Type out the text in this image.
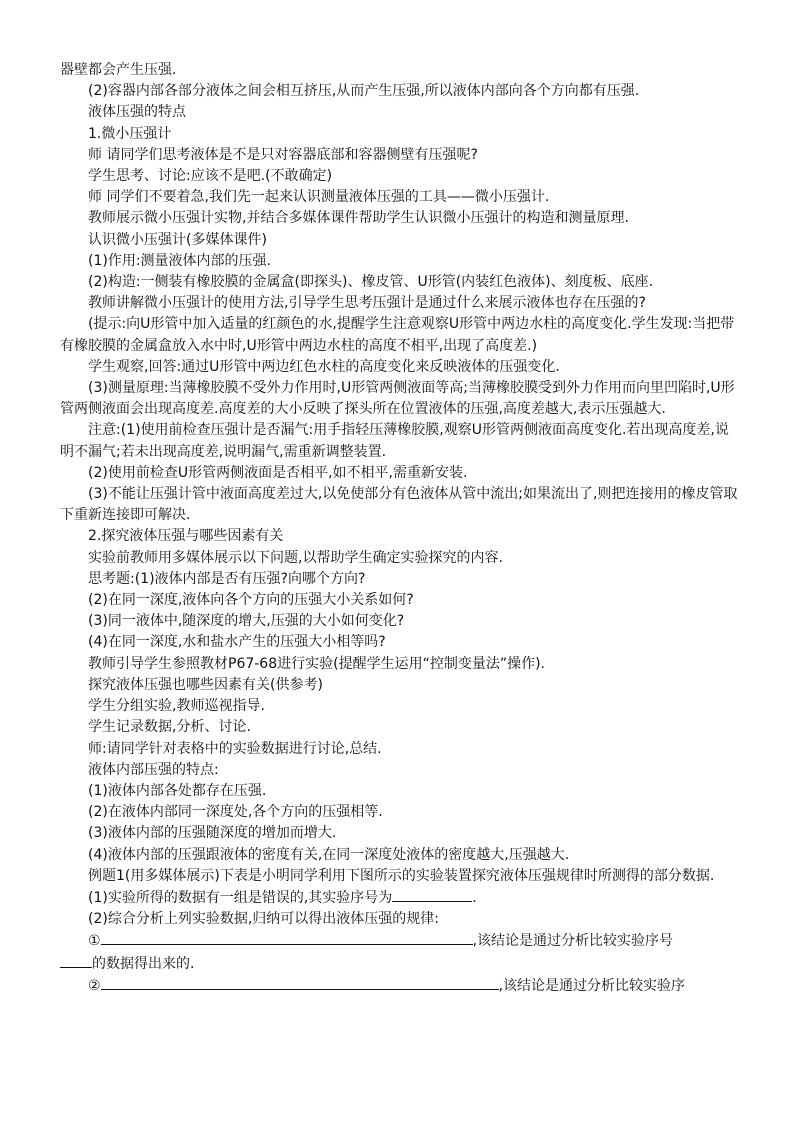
器壁都会产生压强.

(2)容器内部各部分液体之间会相互挤压,从而产生压强,所以液体内部向各个方向都有压强.

液体压强的特点

1.微小压强计

师 请同学们思考液体是不是只对容器底部和容器侧壁有压强呢?

学生思考、讨论:应该不是吧.(不敢确定)

师 同学们不要着急,我们先一起来认识测量液体压强的工具——微小压强计.

教师展示微小压强计实物,并结合多媒体课件帮助学生认识微小压强计的构造和测量原理.

认识微小压强计(多媒体课件)

(1)作用:测量液体内部的压强.

(2)构造:一侧装有橡胶膜的金属盒(即探头)、橡皮管、U形管(内装红色液体)、刻度板、底座.

教师讲解微小压强计的使用方法,引导学生思考压强计是通过什么来展示液体也存在压强的?

(提示:向U形管中加入适量的红颜色的水,提醒学生注意观察U形管中两边水柱的高度变化.学生发现:当把带有橡胶膜的金属盒放入水中时,U形管中两边水柱的高度不相平,出现了高度差.)

学生观察,回答:通过U形管中两边红色水柱的高度变化来反映液体的压强变化.

(3)测量原理:当薄橡胶膜不受外力作用时,U形管两侧液面等高;当薄橡胶膜受到外力作用而向里凹陷时,U形管两侧液面会出现高度差.高度差的大小反映了探头所在位置液体的压强,高度差越大,表示压强越大.

注意:(1)使用前检查压强计是否漏气:用手指轻压薄橡胶膜,观察U形管两侧液面高度变化.若出现高度差,说明不漏气;若未出现高度差,说明漏气,需重新调整装置.

(2)使用前检查U形管两侧液面是否相平,如不相平,需重新安装.

(3)不能让压强计管中液面高度差过大,以免使部分有色液体从管中流出;如果流出了,则把连接用的橡皮管取下重新连接即可解决.

2.探究液体压强与哪些因素有关

实验前教师用多媒体展示以下问题,以帮助学生确定实验探究的内容.

思考题:(1)液体内部是否有压强?向哪个方向?

(2)在同一深度,液体向各个方向的压强大小关系如何?

(3)同一液体中,随深度的增大,压强的大小如何变化?

(4)在同一深度,水和盐水产生的压强大小相等吗?

教师引导学生参照教材P67-68进行实验(提醒学生运用“控制变量法”操作).

探究液体压强也哪些因素有关(供参考)

学生分组实验,教师巡视指导.

学生记录数据,分析、讨论.

师:请同学针对表格中的实验数据进行讨论,总结.

液体内部压强的特点:

(1)液体内部各处都存在压强.

(2)在液体内部同一深度处,各个方向的压强相等.

(3)液体内部的压强随深度的增加而增大.

(4)液体内部的压强跟液体的密度有关,在同一深度处液体的密度越大,压强越大.

例题1(用多媒体展示)下表是小明同学利用下图所示的实验装置探究液体压强规律时所测得的部分数据.

(1)实验所得的数据有一组是错误的,其实验序号为	.

(2)综合分析上列实验数据,归纳可以得出液体压强的规律:

①	,该结论是通过分析比较实验序号

的数据得出来的.

②	,该结论是通过分析比较实验序
